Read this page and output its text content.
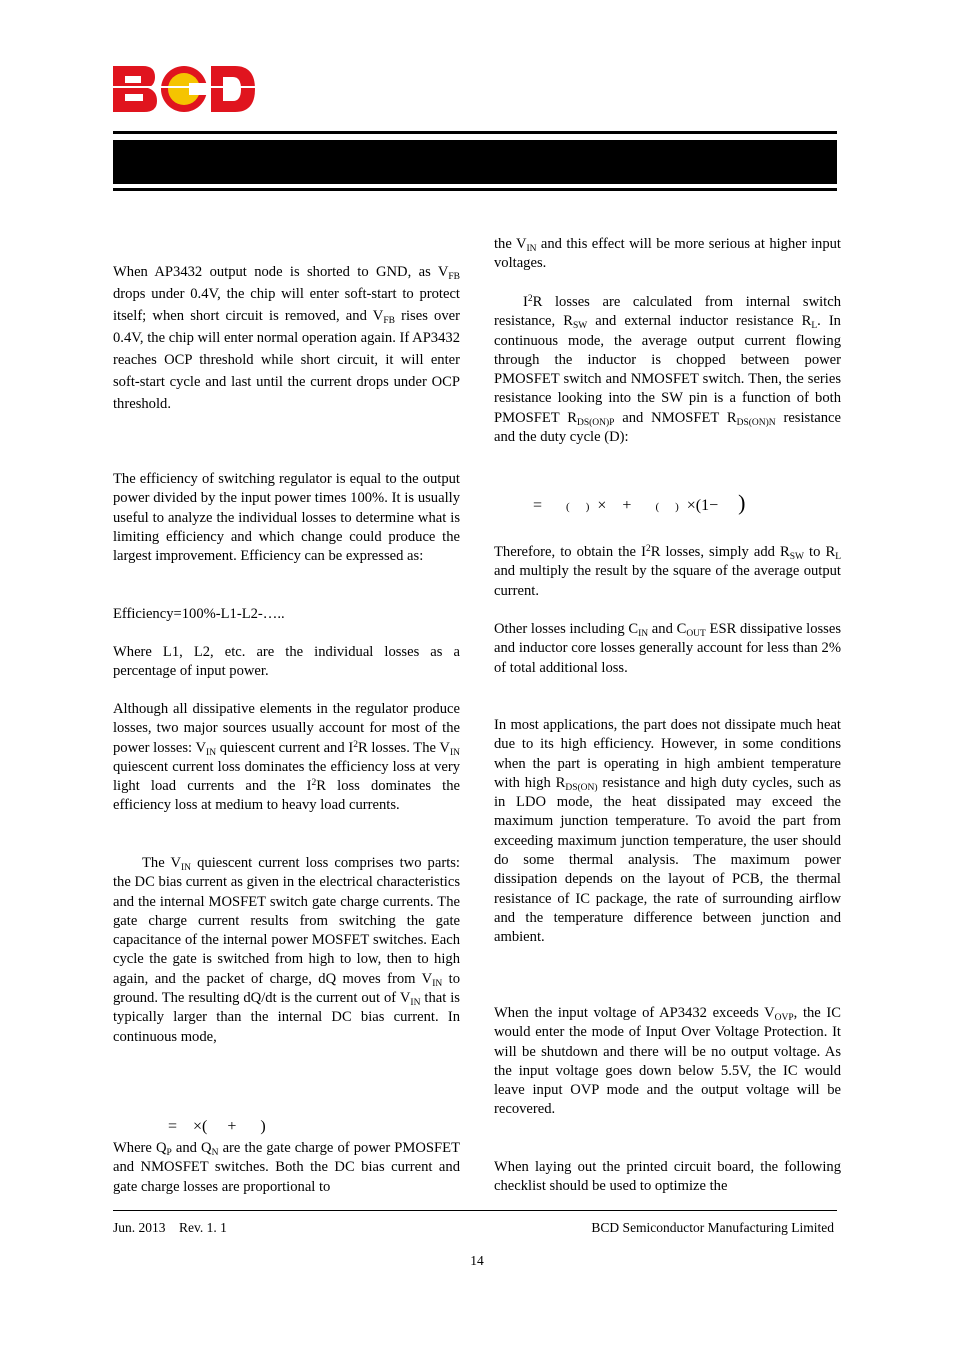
When AP3432 output node is shorted to GND, as $V_{FB}$ drops under 0.4V, the chip will enter soft-start to protect itself; when short circuit is removed, and $V_{FB}$ rises over 0.4V, the chip will enter normal operation again. If AP3432 reaches OCP threshold while short circuit, it will enter soft-start cycle and last until the current drops under OCP threshold.

The efficiency of switching regulator is equal to the output power divided by the input power times 100%. It is usually useful to analyze the individual losses to determine what is limiting efficiency and which change could produce the largest improvement. Efficiency can be expressed as:

Efficiency=100%-L1-L2-…..

Where L1, L2, etc. are the individual losses as a percentage of input power.

Although all dissipative elements in the regulator produce losses, two major sources usually account for most of the power losses: $V_{IN}$ quiescent current and $I^2R$ losses. The $V_{IN}$ quiescent current loss dominates the efficiency loss at very light load currents and the $I^2R$ loss dominates the efficiency loss at medium to heavy load currents.

The $V_{IN}$ quiescent current loss comprises two parts: the DC bias current as given in the electrical characteristics and the internal MOSFET switch gate charge currents. The gate charge current results from switching the gate capacitance of the internal power MOSFET switches. Each cycle the gate is switched from high to low, then to high again, and the packet of charge, dQ moves from $V_{IN}$ to ground. The resulting dQ/dt is the current out of $V_{IN}$ that is typically larger than the internal DC bias current. In continuous mode,

= ×( + )

Where $Q_P$ and $Q_N$ are the gate charge of power PMOSFET and NMOSFET switches. Both the DC bias current and gate charge losses are proportional to

the $V_{IN}$ and this effect will be more serious at higher input voltages.

$I^2R$ losses are calculated from internal switch resistance, $R_{SW}$ and external inductor resistance $R_L$. In continuous mode, the average output current flowing through the inductor is chopped between power PMOSFET switch and NMOSFET switch. Then, the series resistance looking into the SW pin is a function of both PMOSFET $R_{DS(ON)P}$ and NMOSFET $R_{DS(ON)N}$ resistance and the duty cycle (D):

= ( ) × + ( ) ×(1− )

Therefore, to obtain the $I^2R$ losses, simply add $R_{SW}$ to $R_L$ and multiply the result by the square of the average output current.

Other losses including $C_{IN}$ and $C_{OUT}$ ESR dissipative losses and inductor core losses generally account for less than 2% of total additional loss.

In most applications, the part does not dissipate much heat due to its high efficiency. However, in some conditions when the part is operating in high ambient temperature with high $R_{DS(ON)}$ resistance and high duty cycles, such as in LDO mode, the heat dissipated may exceed the maximum junction temperature. To avoid the part from exceeding maximum junction temperature, the user should do some thermal analysis. The maximum power dissipation depends on the layout of PCB, the thermal resistance of IC package, the rate of surrounding airflow and the temperature difference between junction and ambient.

When the input voltage of AP3432 exceeds $V_{OVP}$, the IC would enter the mode of Input Over Voltage Protection. It will be shutdown and there will be no output voltage. As the input voltage goes down below 5.5V, the IC would leave input OVP mode and the output voltage will be recovered.

When laying out the printed circuit board, the following checklist should be used to optimize the

Jun. 2013    Rev. 1. 1	BCD Semiconductor Manufacturing Limited
14
